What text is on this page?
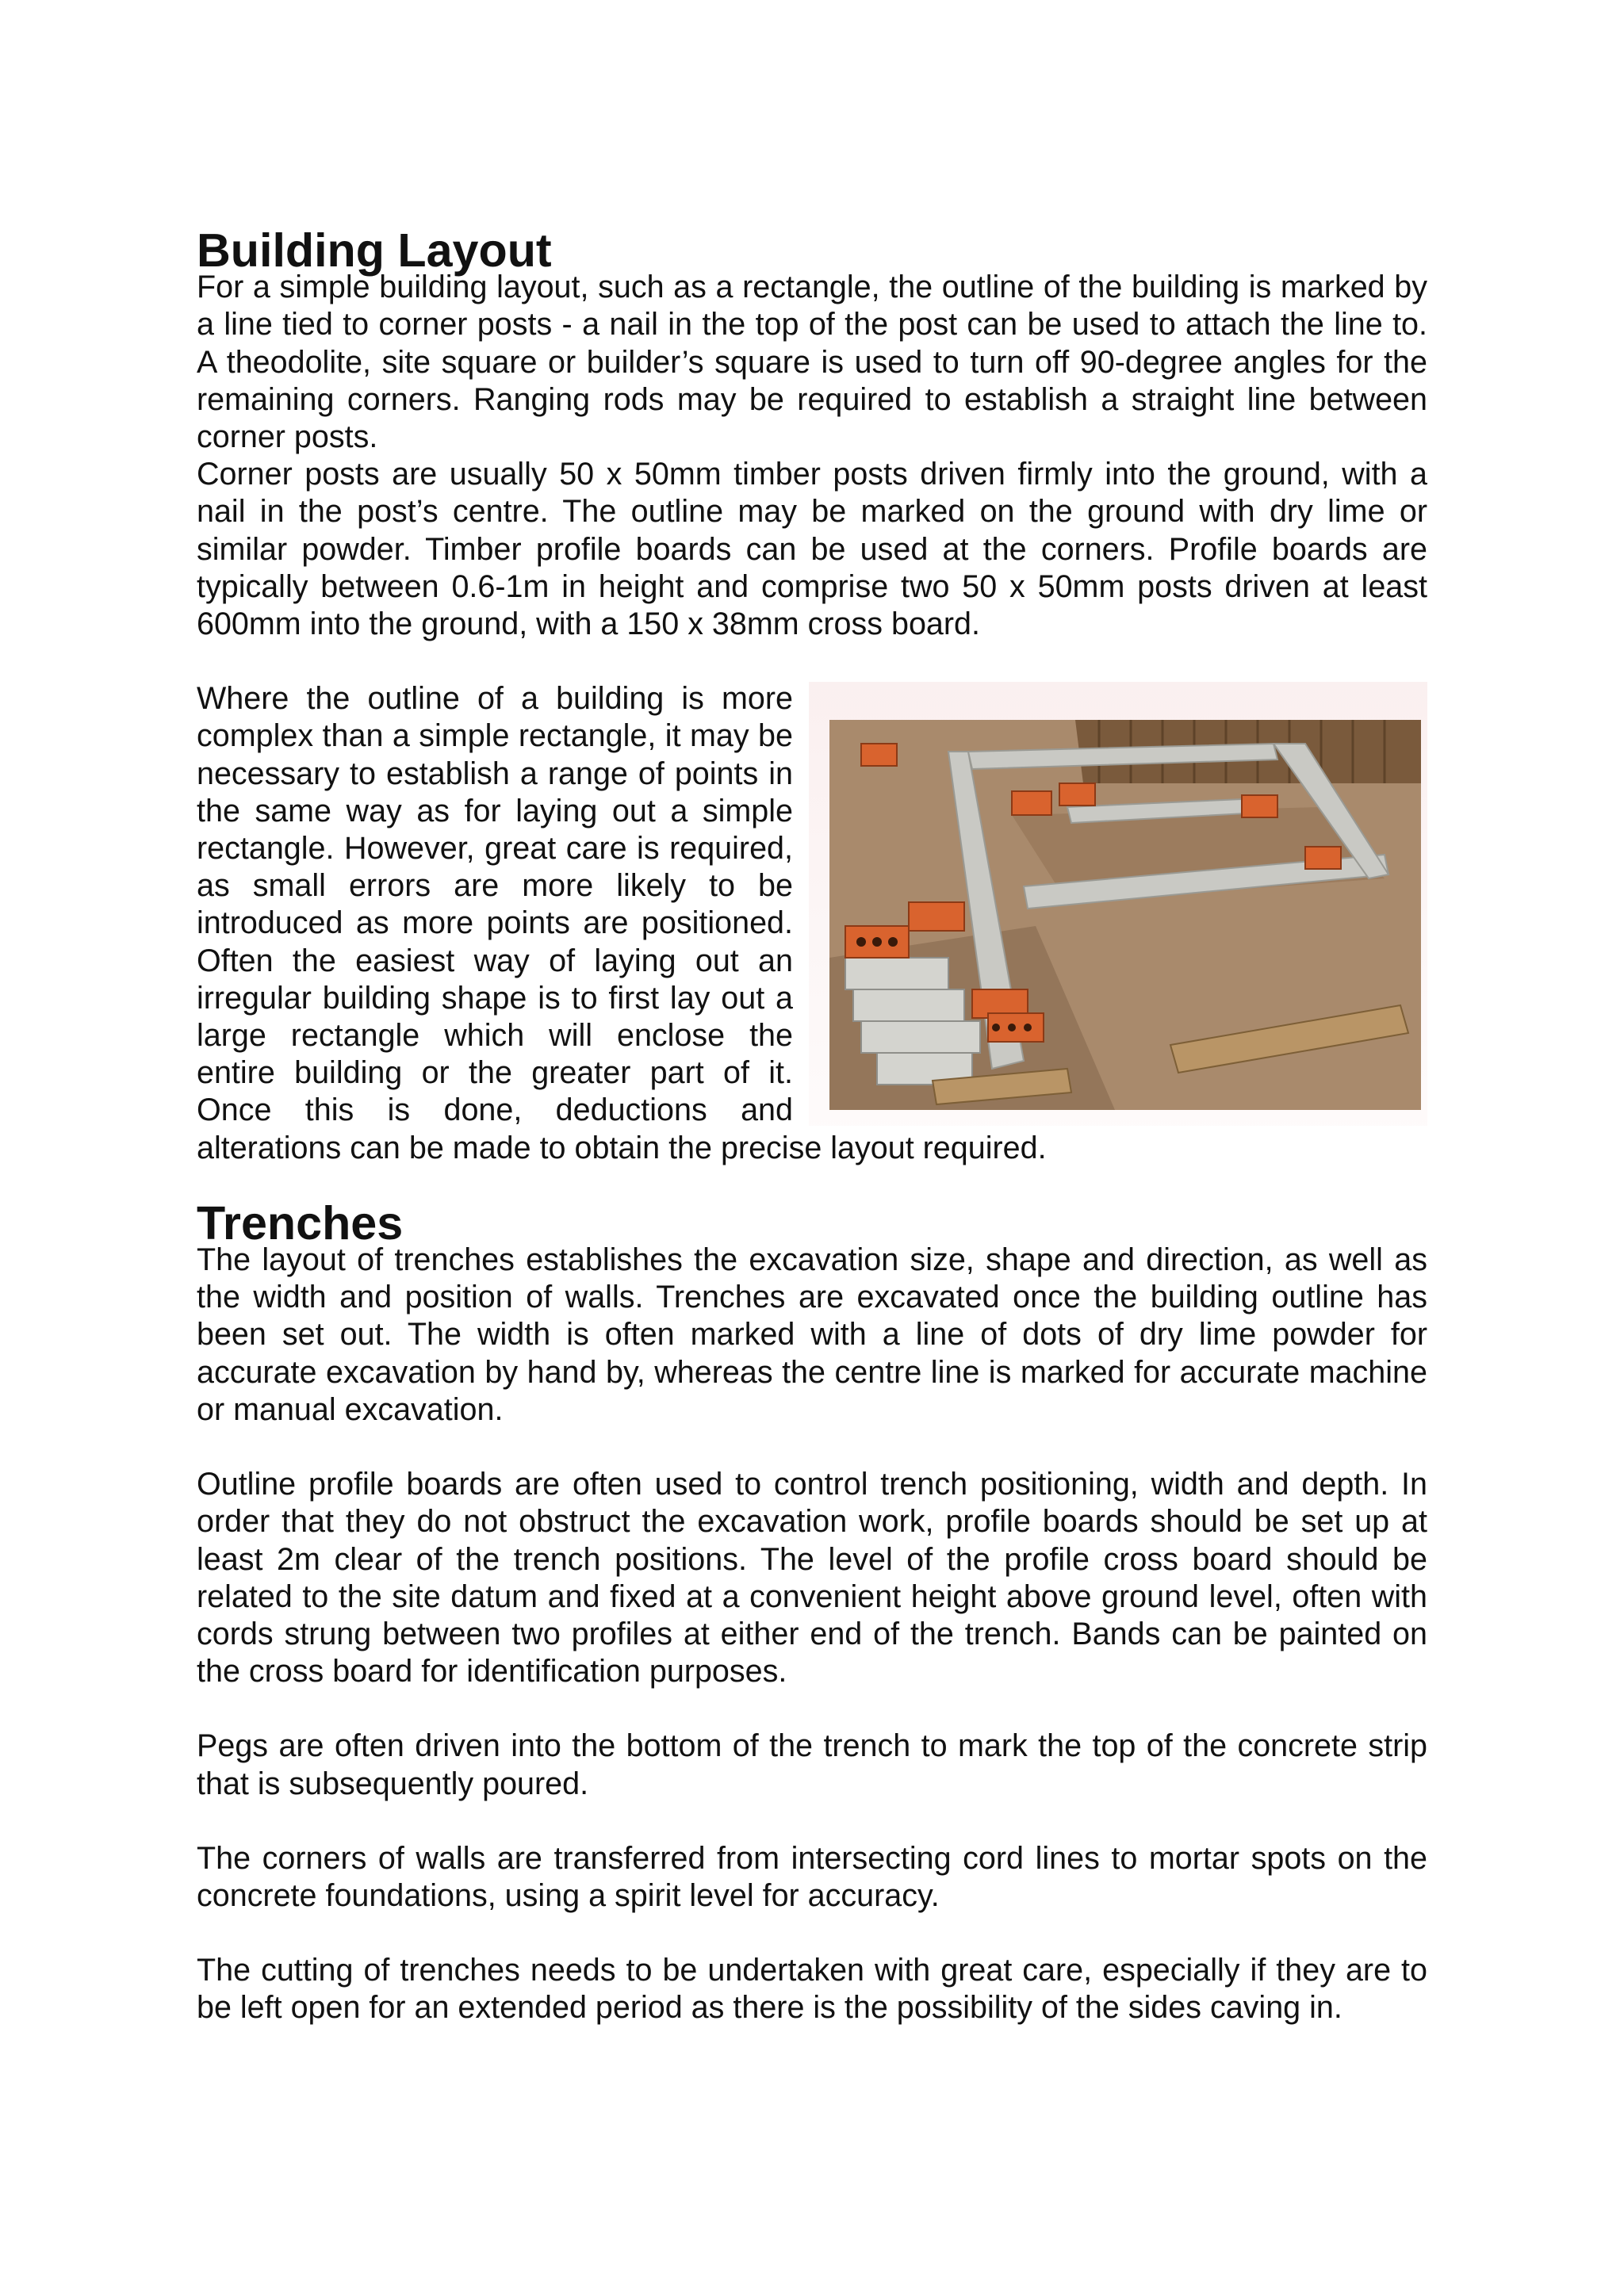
Building Layout

For a simple building layout, such as a rectangle, the outline of the building is marked by a line tied to corner posts - a nail in the top of the post can be used to attach the line to. A theodolite, site square or builder’s square is used to turn off 90-degree angles for the remaining corners. Ranging rods may be required to establish a straight line between corner posts.

Corner posts are usually 50 x 50mm timber posts driven firmly into the ground, with a nail in the post’s centre. The outline may be marked on the ground with dry lime or similar powder. Timber profile boards can be used at the corners. Profile boards are typically between 0.6-1m in height and comprise two 50 x 50mm posts driven at least 600mm into the ground, with a 150 x 38mm cross board.

Where the outline of a building is more complex than a simple rectangle, it may be necessary to establish a range of points in the same way as for laying out a simple rectangle. However, great care is required, as small errors are more likely to be introduced as more points are positioned. Often the easiest way of laying out an irregular building shape is to first lay out a large rectangle which will enclose the entire building or the greater part of it. Once this is done, deductions and alterations can be made to obtain the precise layout required.

Trenches

The layout of trenches establishes the excavation size, shape and direction, as well as the width and position of walls. Trenches are excavated once the building outline has been set out. The width is often marked with a line of dots of dry lime powder for accurate excavation by hand by, whereas the centre line is marked for accurate machine or manual excavation.

Outline profile boards are often used to control trench positioning, width and depth. In order that they do not obstruct the excavation work, profile boards should be set up at least 2m clear of the trench positions. The level of the profile cross board should be related to the site datum and fixed at a convenient height above ground level, often with cords strung between two profiles at either end of the trench. Bands can be painted on the cross board for identification purposes.

Pegs are often driven into the bottom of the trench to mark the top of the concrete strip that is subsequently poured.

The corners of walls are transferred from intersecting cord lines to mortar spots on the concrete foundations, using a spirit level for accuracy.

The cutting of trenches needs to be undertaken with great care, especially if they are to be left open for an extended period as there is the possibility of the sides caving in.
